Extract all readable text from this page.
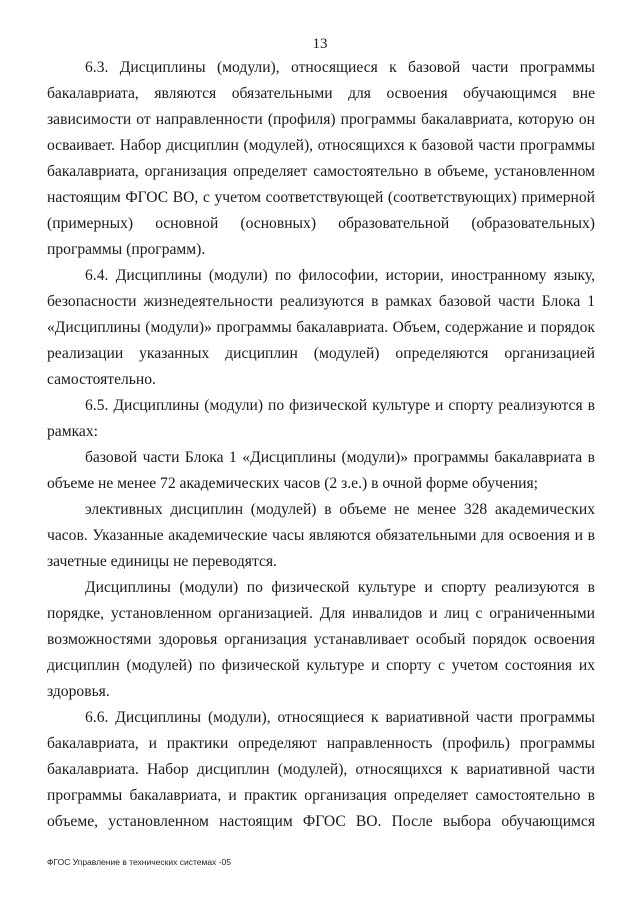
13

6.3. Дисциплины (модули), относящиеся к базовой части программы бакалавриата, являются обязательными для освоения обучающимся вне зависимости от направленности (профиля) программы бакалавриата, которую он осваивает. Набор дисциплин (модулей), относящихся к базовой части программы бакалавриата, организация определяет самостоятельно в объеме, установленном настоящим ФГОС ВО, с учетом соответствующей (соответствующих) примерной (примерных) основной (основных) образовательной (образовательных) программы (программ).

6.4. Дисциплины (модули) по философии, истории, иностранному языку, безопасности жизнедеятельности реализуются в рамках базовой части Блока 1 «Дисциплины (модули)» программы бакалавриата. Объем, содержание и порядок реализации указанных дисциплин (модулей) определяются организацией самостоятельно.

6.5. Дисциплины (модули) по физической культуре и спорту реализуются в рамках:

базовой части Блока 1 «Дисциплины (модули)» программы бакалавриата в объеме не менее 72 академических часов (2 з.е.) в очной форме обучения;

элективных дисциплин (модулей) в объеме не менее 328 академических часов. Указанные академические часы являются обязательными для освоения и в зачетные единицы не переводятся.

Дисциплины (модули) по физической культуре и спорту реализуются в порядке, установленном организацией. Для инвалидов и лиц с ограниченными возможностями здоровья организация устанавливает особый порядок освоения дисциплин (модулей) по физической культуре и спорту с учетом состояния их здоровья.

6.6. Дисциплины (модули), относящиеся к вариативной части программы бакалавриата, и практики определяют направленность (профиль) программы бакалавриата. Набор дисциплин (модулей), относящихся к вариативной части программы бакалавриата, и практик организация определяет самостоятельно в объеме, установленном настоящим ФГОС ВО. После выбора обучающимся

ФГОС Управление в технических системах -05
